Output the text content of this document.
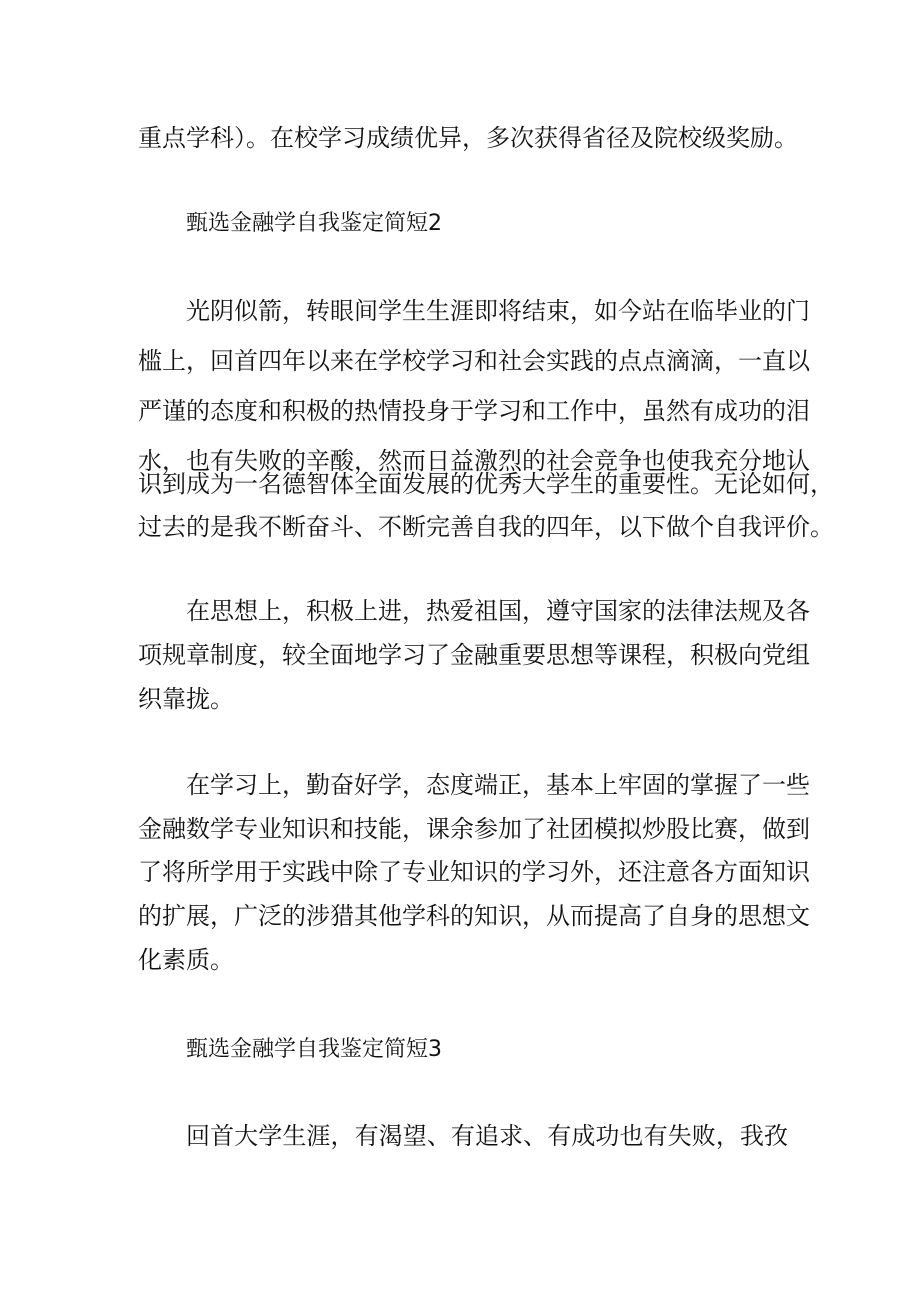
重点学科）。在校学习成绩优异，多次获得省径及院校级奖励。
甄选金融学自我鉴定简短2
光阴似箭，转眼间学生生涯即将结束，如今站在临毕业的门
槛上，回首四年以来在学校学习和社会实践的点点滴滴，一直以
严谨的态度和积极的热情投身于学习和工作中，虽然有成功的泪
水，也有失败的辛酸，然而日益激烈的社会竞争也使我充分地认
识到成为一名德智体全面发展的优秀大学生的重要性。无论如何，
过去的是我不断奋斗、不断完善自我的四年，以下做个自我评价。
在思想上，积极上进，热爱祖国，遵守国家的法律法规及各
项规章制度，较全面地学习了金融重要思想等课程，积极向党组
织靠拢。
在学习上，勤奋好学，态度端正，基本上牢固的掌握了一些
金融数学专业知识和技能，课余参加了社团模拟炒股比赛，做到
了将所学用于实践中除了专业知识的学习外，还注意各方面知识
的扩展，广泛的涉猎其他学科的知识，从而提高了自身的思想文
化素质。
甄选金融学自我鉴定简短3
回首大学生涯，有渴望、有追求、有成功也有失败，我孜
